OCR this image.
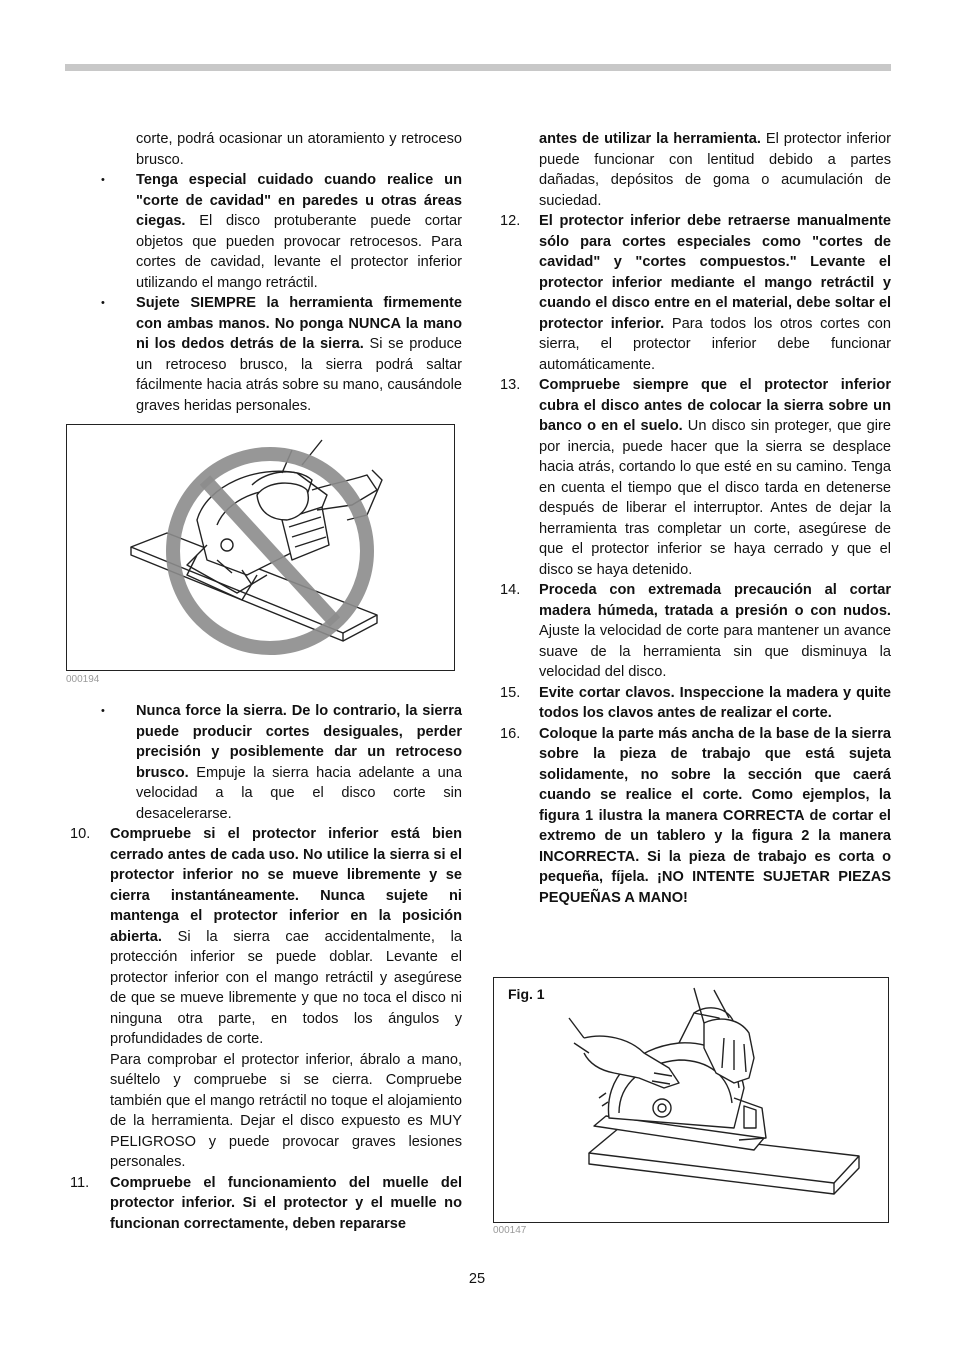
corte, podrá ocasionar un atoramiento y retroceso brusco.

• Tenga especial cuidado cuando realice un "corte de cavidad" en paredes u otras áreas ciegas. El disco protuberante puede cortar objetos que pueden provocar retrocesos. Para cortes de cavidad, levante el protector inferior utilizando el mango retráctil.
• Sujete SIEMPRE la herramienta firmemente con ambas manos. No ponga NUNCA la mano ni los dedos detrás de la sierra. Si se produce un retroceso brusco, la sierra podrá saltar fácilmente hacia atrás sobre su mano, causándole graves heridas personales.
• Nunca force la sierra. De lo contrario, la sierra puede producir cortes desiguales, perder precisión y posiblemente dar un retroceso brusco. Empuje la sierra hacia adelante a una velocidad a la que el disco corte sin desacelerarse.
10. Compruebe si el protector inferior está bien cerrado antes de cada uso. No utilice la sierra si el protector inferior no se mueve libremente y se cierra instantáneamente. Nunca sujete ni mantenga el protector inferior en la posición abierta. Si la sierra cae accidentalmente, la protección inferior se puede doblar. Levante el protector inferior con el mango retráctil y asegúrese de que se mueve libremente y que no toca el disco ni ninguna otra parte, en todos los ángulos y profundidades de corte.

Para comprobar el protector inferior, ábralo a mano, suéltelo y compruebe si se cierra. Compruebe también que el mango retráctil no toque el alojamiento de la herramienta. Dejar el disco expuesto es MUY PELIGROSO y puede provocar graves lesiones personales.

11. Compruebe el funcionamiento del muelle del protector inferior. Si el protector y el muelle no funcionan correctamente, deben repararse
000194

antes de utilizar la herramienta. El protector inferior puede funcionar con lentitud debido a partes dañadas, depósitos de goma o acumulación de suciedad.

12. El protector inferior debe retraerse manualmente sólo para cortes especiales como "cortes de cavidad" y "cortes compuestos." Levante el protector inferior mediante el mango retráctil y cuando el disco entre en el material, debe soltar el protector inferior. Para todos los otros cortes con sierra, el protector inferior debe funcionar automáticamente.
13. Compruebe siempre que el protector inferior cubra el disco antes de colocar la sierra sobre un banco o en el suelo. Un disco sin proteger, que gire por inercia, puede hacer que la sierra se desplace hacia atrás, cortando lo que esté en su camino. Tenga en cuenta el tiempo que el disco tarda en detenerse después de liberar el interruptor. Antes de dejar la herramienta tras completar un corte, asegúrese de que el protector inferior se haya cerrado y que el disco se haya detenido.
14. Proceda con extremada precaución al cortar madera húmeda, tratada a presión o con nudos. Ajuste la velocidad de corte para mantener un avance suave de la herramienta sin que disminuya la velocidad del disco.
15. Evite cortar clavos. Inspeccione la madera y quite todos los clavos antes de realizar el corte.
16. Coloque la parte más ancha de la base de la sierra sobre la pieza de trabajo que está sujeta solidamente, no sobre la sección que caerá cuando se realice el corte. Como ejemplos, la figura 1 ilustra la manera CORRECTA de cortar el extremo de un tablero y la figura 2 la manera INCORRECTA. Si la pieza de trabajo es corta o pequeña, fíjela. ¡NO INTENTE SUJETAR PIEZAS PEQUEÑAS A MANO!
Fig. 1
000147
25
